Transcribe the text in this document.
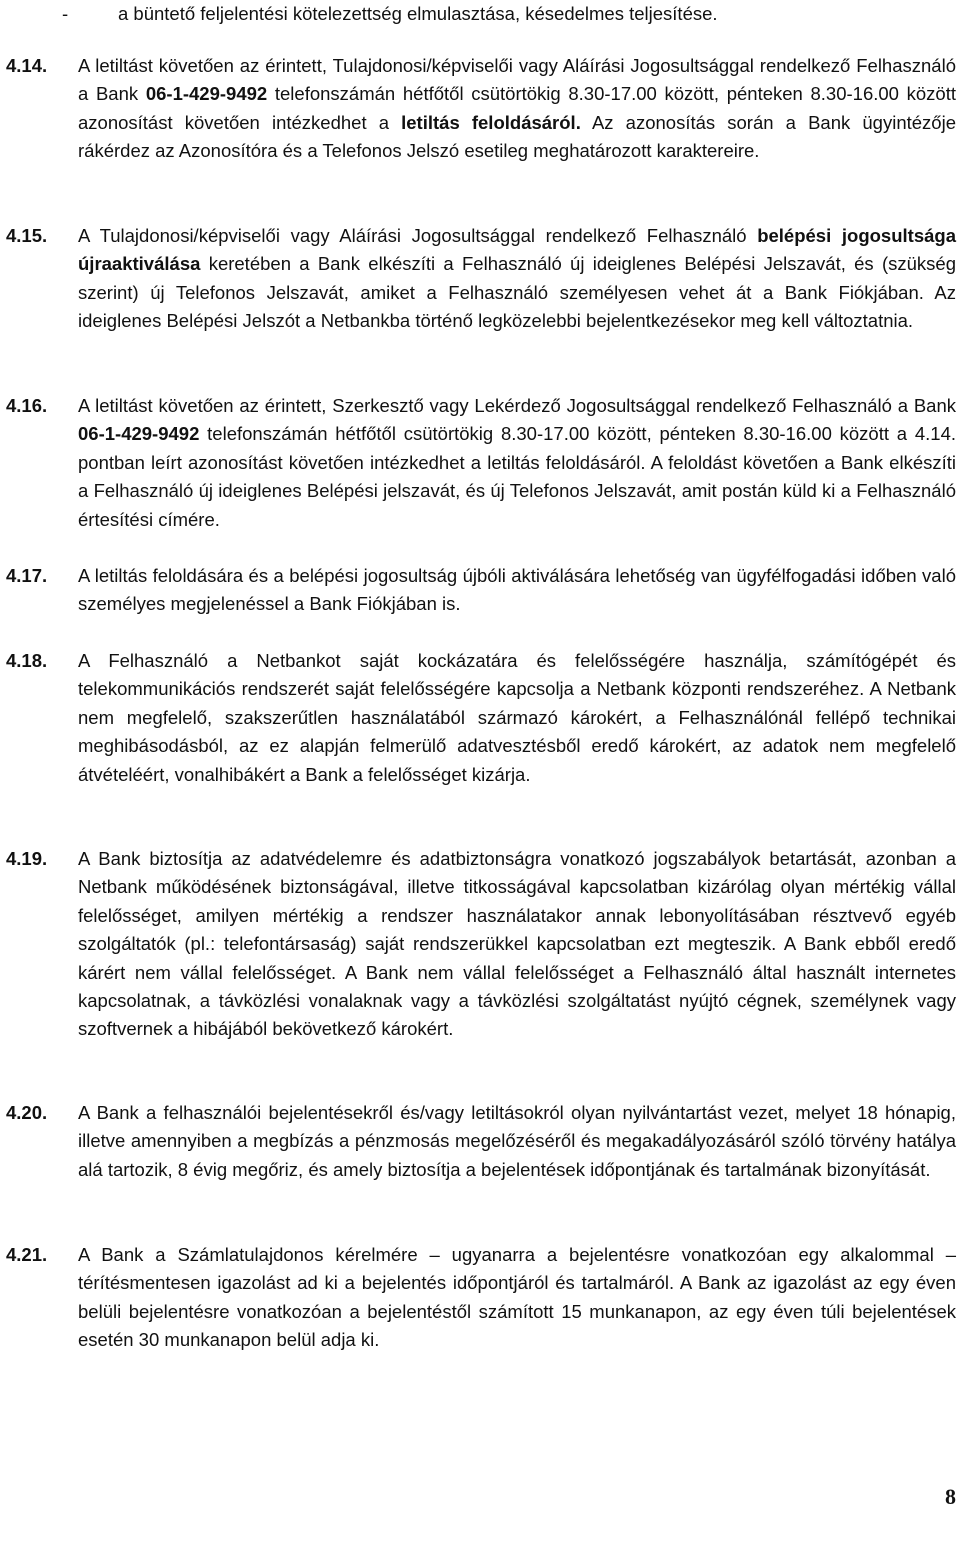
-	a büntető feljelentési kötelezettség elmulasztása, késedelmes teljesítése.
4.14. A letiltást követően az érintett, Tulajdonosi/képviselői vagy Aláírási Jogosultsággal rendelkező Felhasználó a Bank 06-1-429-9492 telefonszámán hétfőtől csütörtökig 8.30-17.00 között, pénteken 8.30-16.00 között azonosítást követően intézkedhet a letiltás feloldásáról. Az azonosítás során a Bank ügyintézője rákérdez az Azonosítóra és a Telefonos Jelszó esetileg meghatározott karaktereire.
4.15. A Tulajdonosi/képviselői vagy Aláírási Jogosultsággal rendelkező Felhasználó belépési jogosultsága újraaktiválása keretében a Bank elkészíti a Felhasználó új ideiglenes Belépési Jelszavát, és (szükség szerint) új Telefonos Jelszavát, amiket a Felhasználó személyesen vehet át a Bank Fiókjában. Az ideiglenes Belépési Jelszót a Netbankba történő legközelebbi bejelentkezésekor meg kell változtatnia.
4.16. A letiltást követően az érintett, Szerkesztő vagy Lekérdező Jogosultsággal rendelkező Felhasználó a Bank 06-1-429-9492 telefonszámán hétfőtől csütörtökig 8.30-17.00 között, pénteken 8.30-16.00 között a 4.14. pontban leírt azonosítást követően intézkedhet a letiltás feloldásáról. A feloldást követően a Bank elkészíti a Felhasználó új ideiglenes Belépési jelszavát, és új Telefonos Jelszavát, amit postán küld ki a Felhasználó értesítési címére.
4.17. A letiltás feloldására és a belépési jogosultság újbóli aktiválására lehetőség van ügyfélfogadási időben való személyes megjelenéssel a Bank Fiókjában is.
4.18. A Felhasználó a Netbankot saját kockázatára és felelősségére használja, számítógépét és telekommunikációs rendszerét saját felelősségére kapcsolja a Netbank központi rendszeréhez. A Netbank nem megfelelő, szakszerűtlen használatából származó károkért, a Felhasználónál fellépő technikai meghibásodásból, az ez alapján felmerülő adatvesztésből eredő károkért, az adatok nem megfelelő átvételéért, vonalhibákért a Bank a felelősséget kizárja.
4.19. A Bank biztosítja az adatvédelemre és adatbiztonságra vonatkozó jogszabályok betartását, azonban a Netbank működésének biztonságával, illetve titkosságával kapcsolatban kizárólag olyan mértékig vállal felelősséget, amilyen mértékig a rendszer használatakor annak lebonyolításában résztvevő egyéb szolgáltatók (pl.: telefontársaság) saját rendszerükkel kapcsolatban ezt megteszik. A Bank ebből eredő kárért nem vállal felelősséget. A Bank nem vállal felelősséget a Felhasználó által használt internetes kapcsolatnak, a távközlési vonalaknak vagy a távközlési szolgáltatást nyújtó cégnek, személynek vagy szoftvernek a hibájából bekövetkező károkért.
4.20. A Bank a felhasználói bejelentésekről és/vagy letiltásokról olyan nyilvántartást vezet, melyet 18 hónapig, illetve amennyiben a megbízás a pénzmosás megelőzéséről és megakadályozásáról szóló törvény hatálya alá tartozik, 8 évig megőriz, és amely biztosítja a bejelentések időpontjának és tartalmának bizonyítását.
4.21. A Bank a Számlatulajdonos kérelmére – ugyanarra a bejelentésre vonatkozóan egy alkalommal – térítésmentesen igazolást ad ki a bejelentés időpontjáról és tartalmáról. A Bank az igazolást az egy éven belüli bejelentésre vonatkozóan a bejelentéstől számított 15 munkanapon, az egy éven túli bejelentések esetén 30 munkanapon belül adja ki.
8
